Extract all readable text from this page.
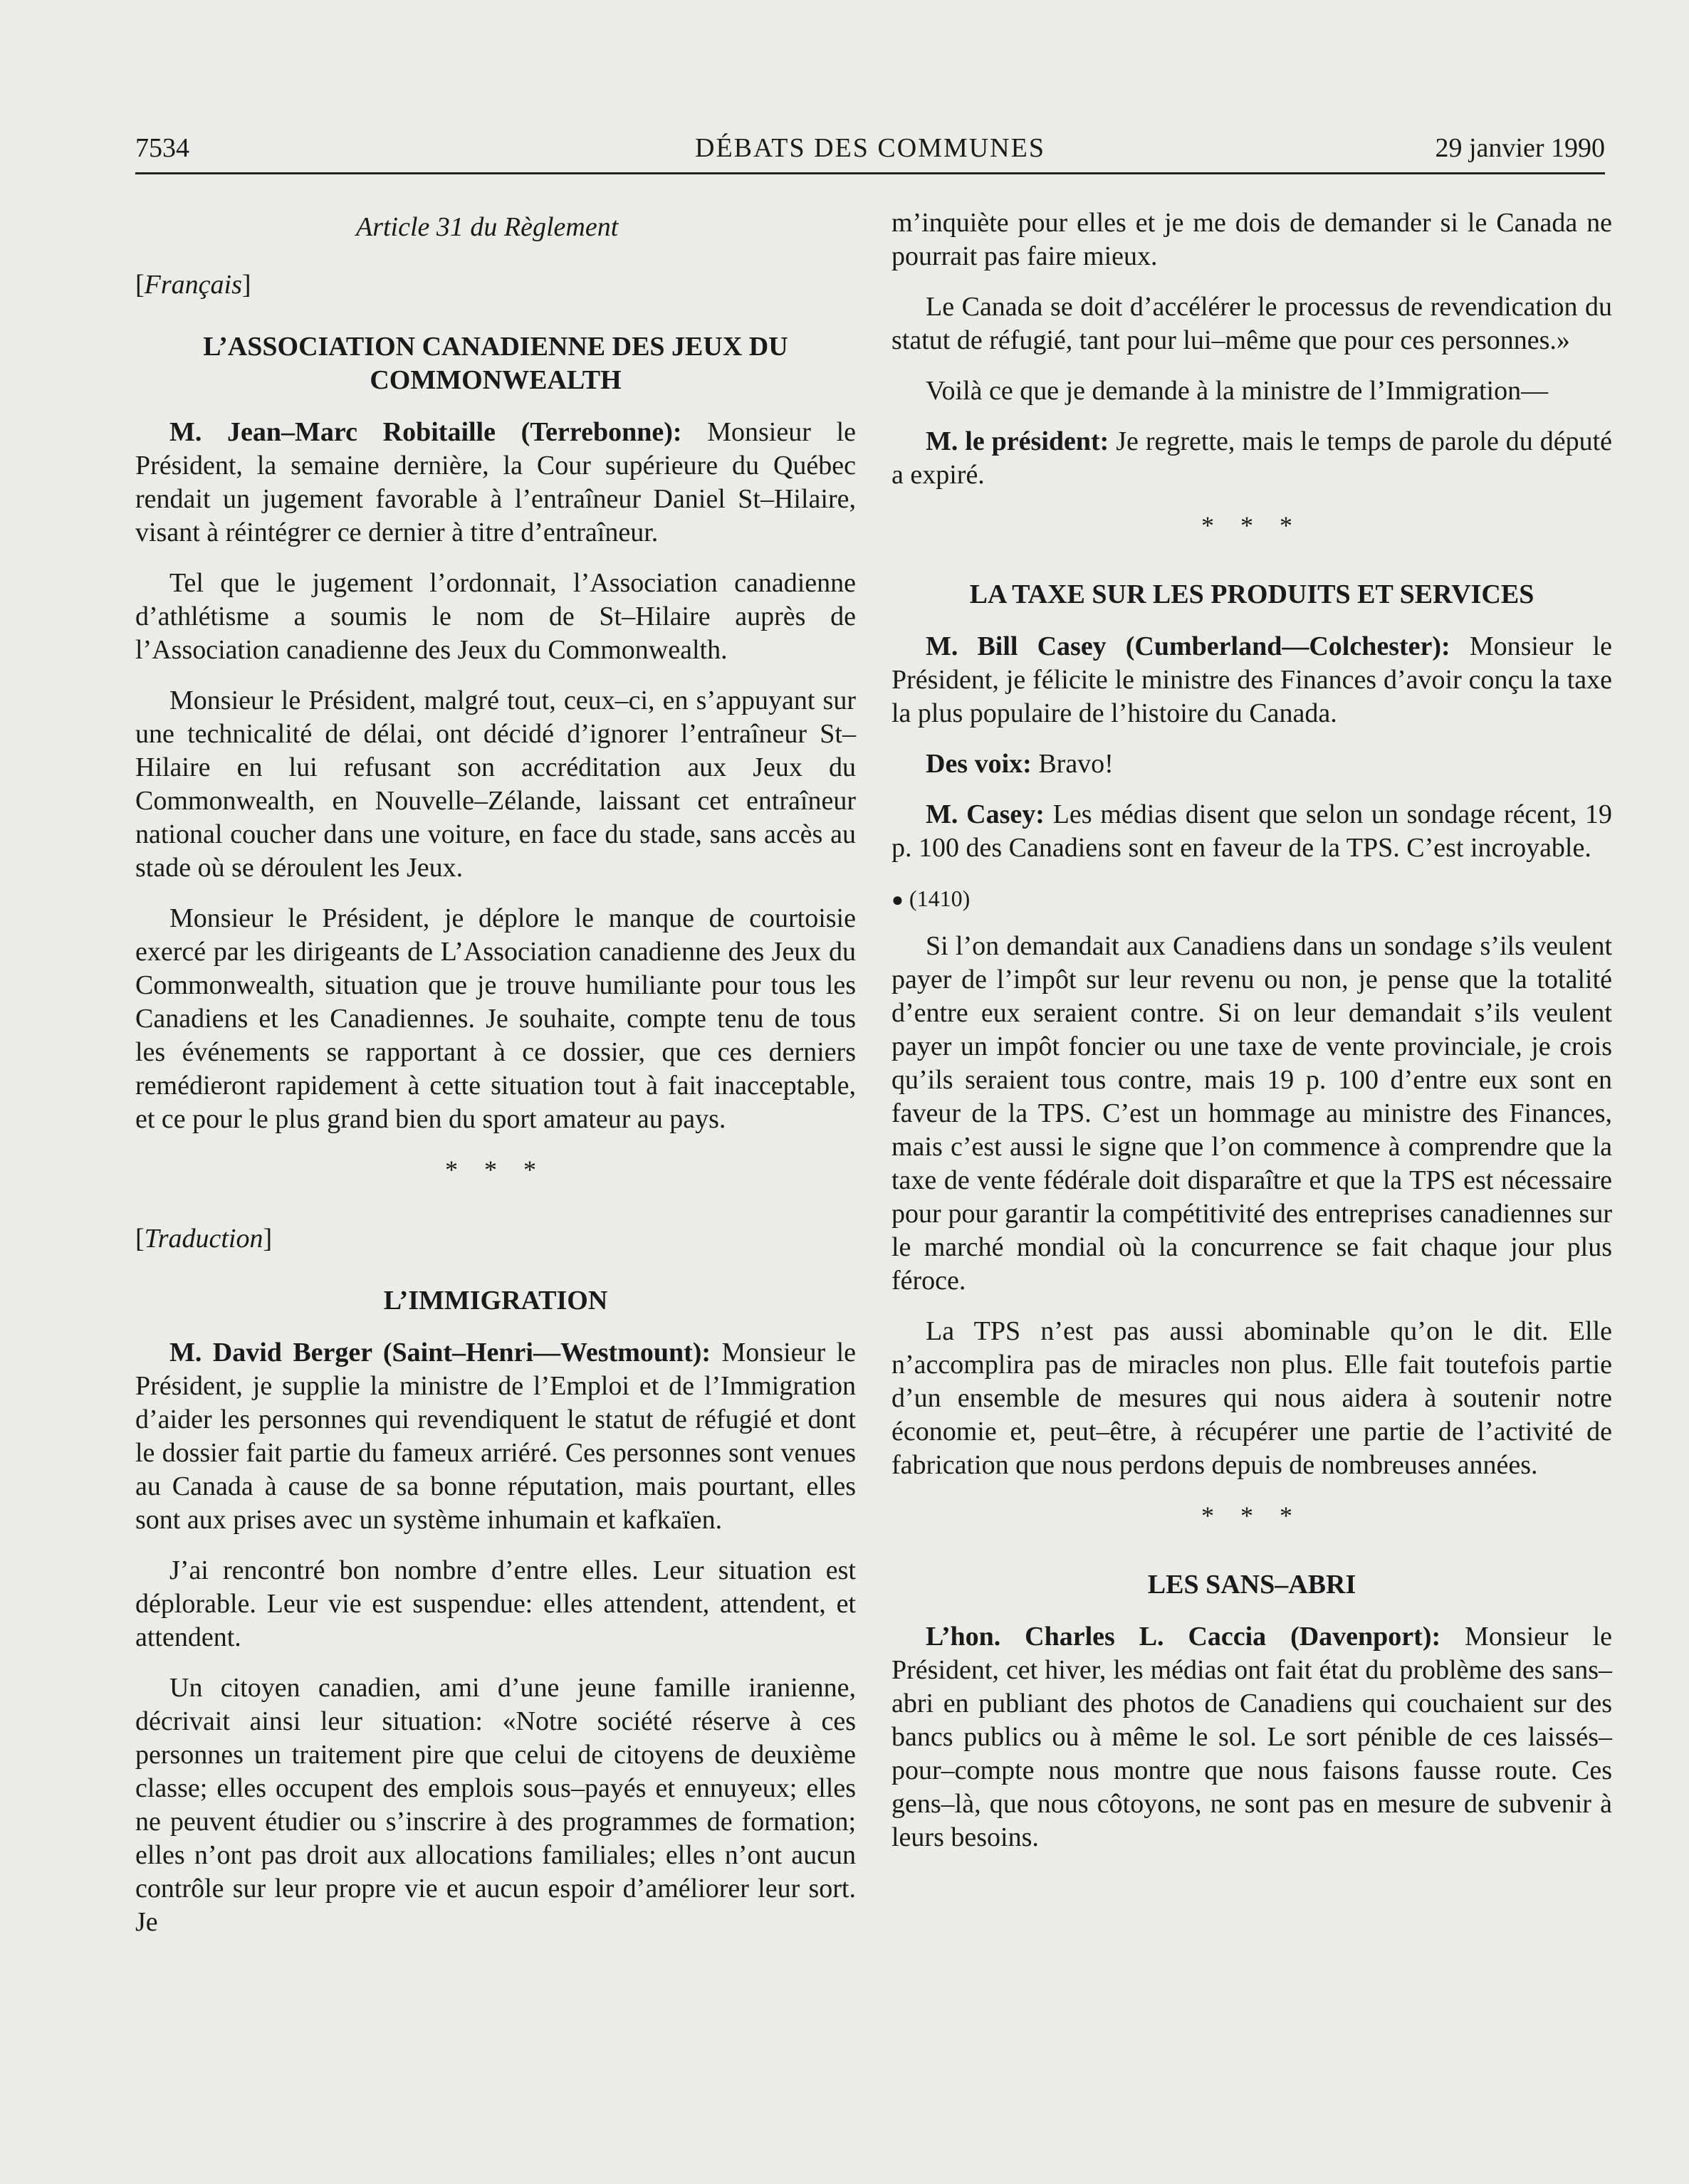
7534	DÉBATS DES COMMUNES	29 janvier 1990
Article 31 du Règlement
[Français]
L’ASSOCIATION CANADIENNE DES JEUX DU COMMONWEALTH

M. Jean–Marc Robitaille (Terrebonne): Monsieur le Président, la semaine dernière, la Cour supérieure du Québec rendait un jugement favorable à l’entraîneur Daniel St–Hilaire, visant à réintégrer ce dernier à titre d’entraîneur.

Tel que le jugement l’ordonnait, l’Association canadienne d’athlétisme a soumis le nom de St–Hilaire auprès de l’Association canadienne des Jeux du Commonwealth.

Monsieur le Président, malgré tout, ceux–ci, en s’appuyant sur une technicalité de délai, ont décidé d’ignorer l’entraîneur St–Hilaire en lui refusant son accréditation aux Jeux du Commonwealth, en Nouvelle–Zélande, laissant cet entraîneur national coucher dans une voiture, en face du stade, sans accès au stade où se déroulent les Jeux.

Monsieur le Président, je déplore le manque de courtoisie exercé par les dirigeants de L’Association canadienne des Jeux du Commonwealth, situation que je trouve humiliante pour tous les Canadiens et les Canadiennes. Je souhaite, compte tenu de tous les événements se rapportant à ce dossier, que ces derniers remédieront rapidement à cette situation tout à fait inacceptable, et ce pour le plus grand bien du sport amateur au pays.

* * *
[Traduction]
L’IMMIGRATION

M. David Berger (Saint–Henri—Westmount): Monsieur le Président, je supplie la ministre de l’Emploi et de l’Immigration d’aider les personnes qui revendiquent le statut de réfugié et dont le dossier fait partie du fameux arriéré. Ces personnes sont venues au Canada à cause de sa bonne réputation, mais pourtant, elles sont aux prises avec un système inhumain et kafkaïen.

J’ai rencontré bon nombre d’entre elles. Leur situation est déplorable. Leur vie est suspendue: elles attendent, attendent, et attendent.

Un citoyen canadien, ami d’une jeune famille iranienne, décrivait ainsi leur situation: «Notre société réserve à ces personnes un traitement pire que celui de citoyens de deuxième classe; elles occupent des emplois sous–payés et ennuyeux; elles ne peuvent étudier ou s’inscrire à des programmes de formation; elles n’ont pas droit aux allocations familiales; elles n’ont aucun contrôle sur leur propre vie et aucun espoir d’améliorer leur sort. Je

m’inquiète pour elles et je me dois de demander si le Canada ne pourrait pas faire mieux.

Le Canada se doit d’accélérer le processus de revendication du statut de réfugié, tant pour lui–même que pour ces personnes.»

Voilà ce que je demande à la ministre de l’Immigration—

M. le président: Je regrette, mais le temps de parole du député a expiré.

* * *
LA TAXE SUR LES PRODUITS ET SERVICES

M. Bill Casey (Cumberland—Colchester): Monsieur le Président, je félicite le ministre des Finances d’avoir conçu la taxe la plus populaire de l’histoire du Canada.

Des voix: Bravo!

M. Casey: Les médias disent que selon un sondage récent, 19 p. 100 des Canadiens sont en faveur de la TPS. C’est incroyable.

● (1410)

Si l’on demandait aux Canadiens dans un sondage s’ils veulent payer de l’impôt sur leur revenu ou non, je pense que la totalité d’entre eux seraient contre. Si on leur demandait s’ils veulent payer un impôt foncier ou une taxe de vente provinciale, je crois qu’ils seraient tous contre, mais 19 p. 100 d’entre eux sont en faveur de la TPS. C’est un hommage au ministre des Finances, mais c’est aussi le signe que l’on commence à comprendre que la taxe de vente fédérale doit disparaître et que la TPS est nécessaire pour pour garantir la compétitivité des entreprises canadiennes sur le marché mondial où la concurrence se fait chaque jour plus féroce.

La TPS n’est pas aussi abominable qu’on le dit. Elle n’accomplira pas de miracles non plus. Elle fait toutefois partie d’un ensemble de mesures qui nous aidera à soutenir notre économie et, peut–être, à récupérer une partie de l’activité de fabrication que nous perdons depuis de nombreuses années.

* * *
LES SANS–ABRI

L’hon. Charles L. Caccia (Davenport): Monsieur le Président, cet hiver, les médias ont fait état du problème des sans–abri en publiant des photos de Canadiens qui couchaient sur des bancs publics ou à même le sol. Le sort pénible de ces laissés–pour–compte nous montre que nous faisons fausse route. Ces gens–là, que nous côtoyons, ne sont pas en mesure de subvenir à leurs besoins.
